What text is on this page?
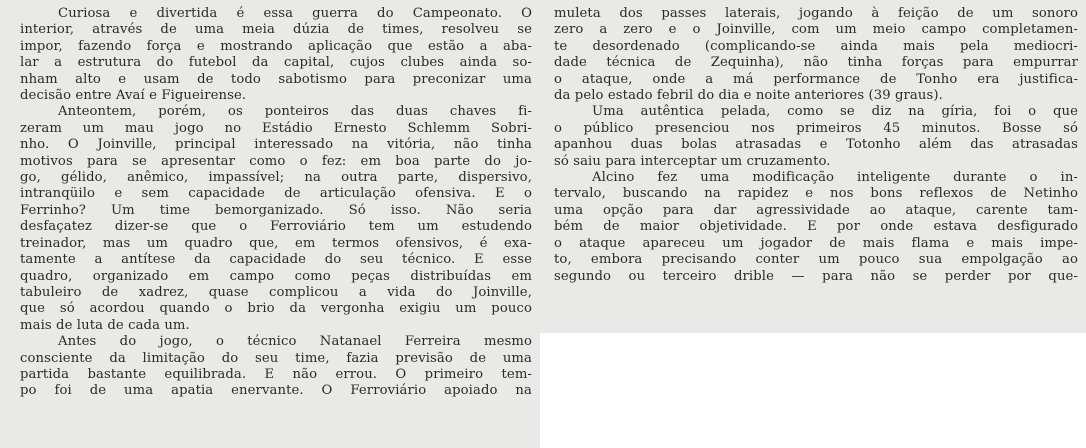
Curiosa e divertida é essa guerra do Campeonato. O
interior, através de uma meia dúzia de times, resolveu se
impor, fazendo força e mostrando aplicação que estão a aba-
lar a estrutura do futebol da capital, cujos clubes ainda so-
nham alto e usam de todo sabotismo para preconizar uma
decisão entre Avaí e Figueirense.
Anteontem, porém, os ponteiros das duas chaves fi-
zeram um mau jogo no Estádio Ernesto Schlemm Sobri-
nho. O Joinville, principal interessado na vitória, não tinha
motivos para se apresentar como o fez: em boa parte do jo-
go, gélido, anêmico, impassível; na outra parte, dispersivo,
intranqüilo e sem capacidade de articulação ofensiva. E o
Ferrinho? Um time bemorganizado. Só isso. Não seria
desfaçatez dizer-se que o Ferroviário tem um estudendo
treinador, mas um quadro que, em termos ofensivos, é exa-
tamente a antítese da capacidade do seu técnico. E esse
quadro, organizado em campo como peças distribuídas em
tabuleiro de xadrez, quase complicou a vida do Joinville,
que só acordou quando o brio da vergonha exigiu um pouco
mais de luta de cada um.
Antes do jogo, o técnico Natanael Ferreira mesmo
consciente da limitação do seu time, fazia previsão de uma
partida bastante equilibrada. E não errou. O primeiro tem-
po foi de uma apatia enervante. O Ferroviário apoiado na
muleta dos passes laterais, jogando à feição de um sonoro
zero a zero e o Joinville, com um meio campo completamen-
te desordenado (complicando-se ainda mais pela mediocri-
dade técnica de Zequinha), não tinha forças para empurrar
o ataque, onde a má performance de Tonho era justifica-
da pelo estado febril do dia e noite anteriores (39 graus).
Uma autêntica pelada, como se diz na gíria, foi o que
o público presenciou nos primeiros 45 minutos. Bosse só
apanhou duas bolas atrasadas e Totonho além das atrasadas
só saiu para interceptar um cruzamento.
Alcino fez uma modificação inteligente durante o in-
tervalo, buscando na rapidez e nos bons reflexos de Netinho
uma opção para dar agressividade ao ataque, carente tam-
bém de maior objetividade. E por onde estava desfigurado
o ataque apareceu um jogador de mais flama e mais impe-
to, embora precisando conter um pouco sua empolgação ao
segundo ou terceiro drible — para não se perder por que-
